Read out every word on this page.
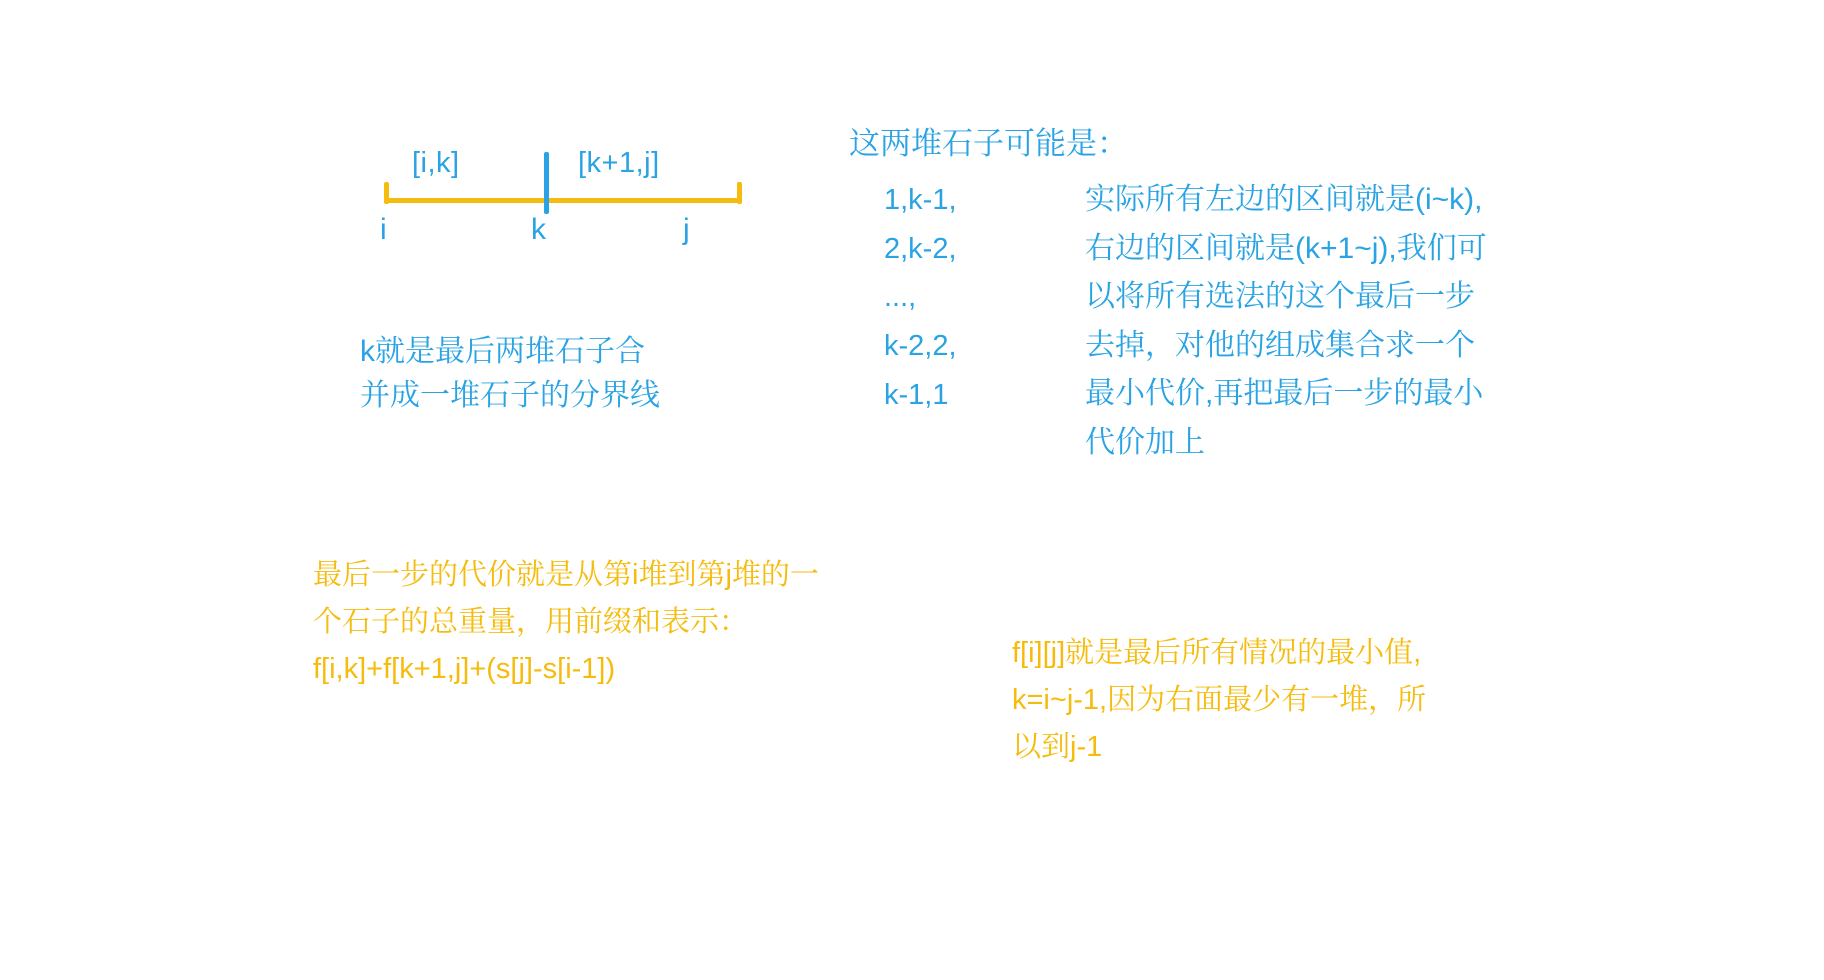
[i,k]	[k+1,j]
i	k	j
k就是最后两堆石子合
并成一堆石子的分界线
这两堆石子可能是：
1,k-1,
2,k-2,
...,
k-2,2,
k-1,1
实际所有左边的区间就是(i~k),
右边的区间就是(k+1~j),我们可
以将所有选法的这个最后一步
去掉，对他的组成集合求一个
最小代价,再把最后一步的最小
代价加上
最后一步的代价就是从第i堆到第j堆的一
个石子的总重量，用前缀和表示：
f[i,k]+f[k+1,j]+(s[j]-s[i-1])	f[i][j]就是最后所有情况的最小值,
k=i~j-1,因为右面最少有一堆，所
以到j-1
